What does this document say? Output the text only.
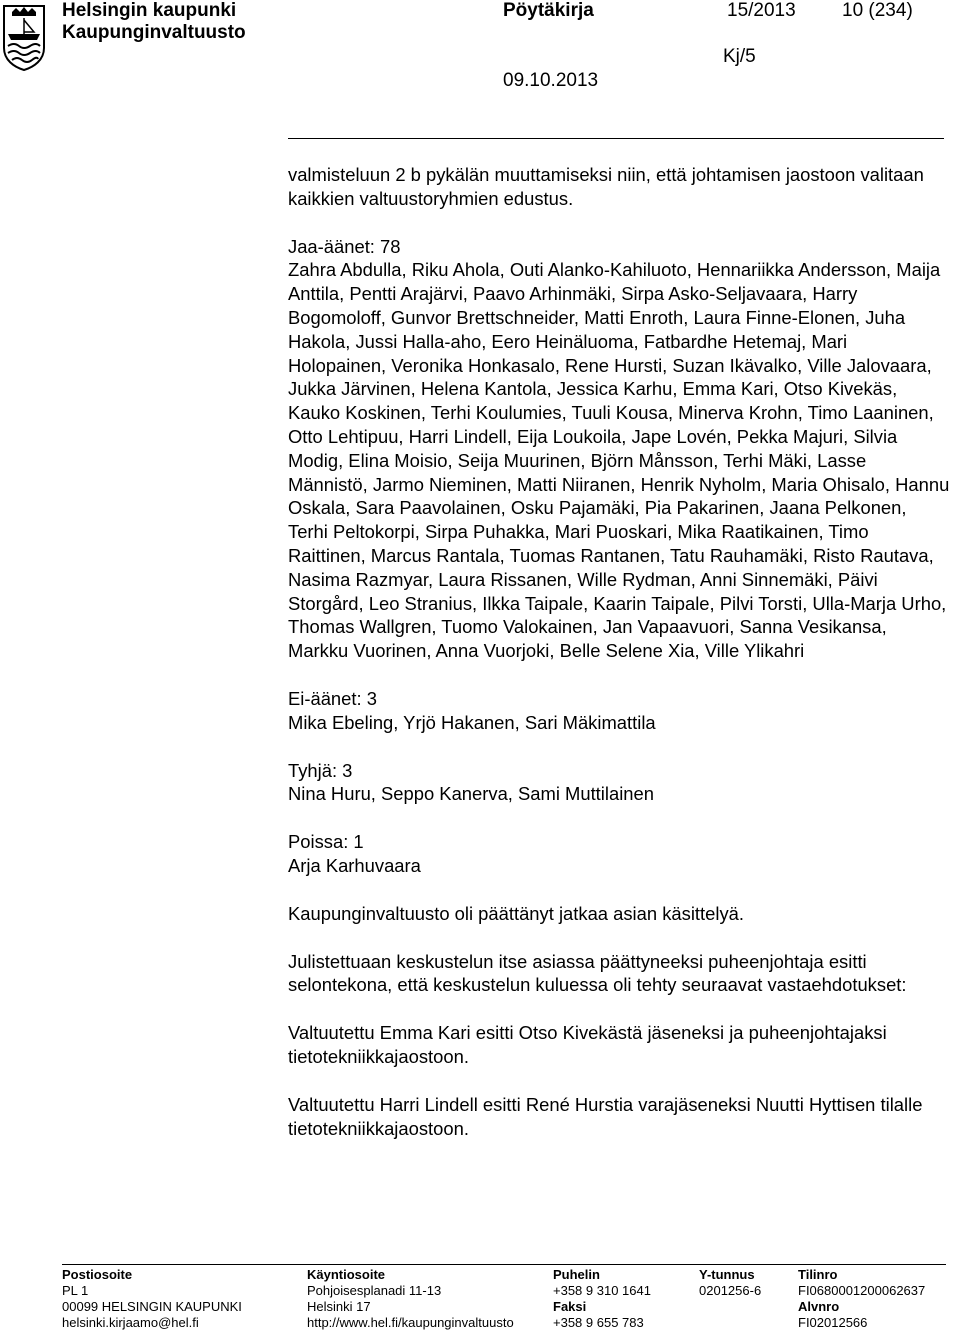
Helsingin kaupunki
Kaupunginvaltuusto
Pöytäkirja	15/2013 10 (234)
Kj/5
09.10.2013

valmisteluun 2 b pykälän muuttamiseksi niin, että johtamisen jaostoon valitaan kaikkien valtuustoryhmien edustus.

Jaa-äänet: 78

Zahra Abdulla, Riku Ahola, Outi Alanko-Kahiluoto, Hennariikka Andersson, Maija Anttila, Pentti Arajärvi, Paavo Arhinmäki, Sirpa Asko-Seljavaara, Harry Bogomoloff, Gunvor Brettschneider, Matti Enroth, Laura Finne-Elonen, Juha Hakola, Jussi Halla-aho, Eero Heinäluoma, Fatbardhe Hetemaj, Mari Holopainen, Veronika Honkasalo, Rene Hursti, Suzan Ikävalko, Ville Jalovaara, Jukka Järvinen, Helena Kantola, Jessica Karhu, Emma Kari, Otso Kivekäs, Kauko Koskinen, Terhi Koulumies, Tuuli Kousa, Minerva Krohn, Timo Laaninen, Otto Lehtipuu, Harri Lindell, Eija Loukoila, Jape Lovén, Pekka Majuri, Silvia Modig, Elina Moisio, Seija Muurinen, Björn Månsson, Terhi Mäki, Lasse Männistö, Jarmo Nieminen, Matti Niiranen, Henrik Nyholm, Maria Ohisalo, Hannu Oskala, Sara Paavolainen, Osku Pajamäki, Pia Pakarinen, Jaana Pelkonen, Terhi Peltokorpi, Sirpa Puhakka, Mari Puoskari, Mika Raatikainen, Timo Raittinen, Marcus Rantala, Tuomas Rantanen, Tatu Rauhamäki, Risto Rautava, Nasima Razmyar, Laura Rissanen, Wille Rydman, Anni Sinnemäki, Päivi Storgård, Leo Stranius, Ilkka Taipale, Kaarin Taipale, Pilvi Torsti, Ulla-Marja Urho, Thomas Wallgren, Tuomo Valokainen, Jan Vapaavuori, Sanna Vesikansa, Markku Vuorinen, Anna Vuorjoki, Belle Selene Xia, Ville Ylikahri

Ei-äänet: 3

Mika Ebeling, Yrjö Hakanen, Sari Mäkimattila

Tyhjä: 3

Nina Huru, Seppo Kanerva, Sami Muttilainen

Poissa: 1

Arja Karhuvaara

Kaupunginvaltuusto oli päättänyt jatkaa asian käsittelyä.

Julistettuaan keskustelun itse asiassa päättyneeksi puheenjohtaja esitti selontekona, että keskustelun kuluessa oli tehty seuraavat vastaehdotukset:

Valtuutettu Emma Kari esitti Otso Kivekästä jäseneksi ja puheenjohtajaksi tietotekniikkajaostoon.

Valtuutettu Harri Lindell esitti René Hurstia varajäseneksi Nuutti Hyttisen tilalle tietotekniikkajaostoon.

Postiosoite
PL 1
00099 HELSINGIN KAUPUNKI
helsinki.kirjaamo@hel.fi
Käyntiosoite
Pohjoisesplanadi 11-13
Helsinki 17
http://www.hel.fi/kaupunginvaltuusto
Puhelin
+358 9 310 1641
Faksi
+358 9 655 783
Y-tunnus
0201256-6
Tilinro
FI0680001200062637
Alvnro
FI02012566
